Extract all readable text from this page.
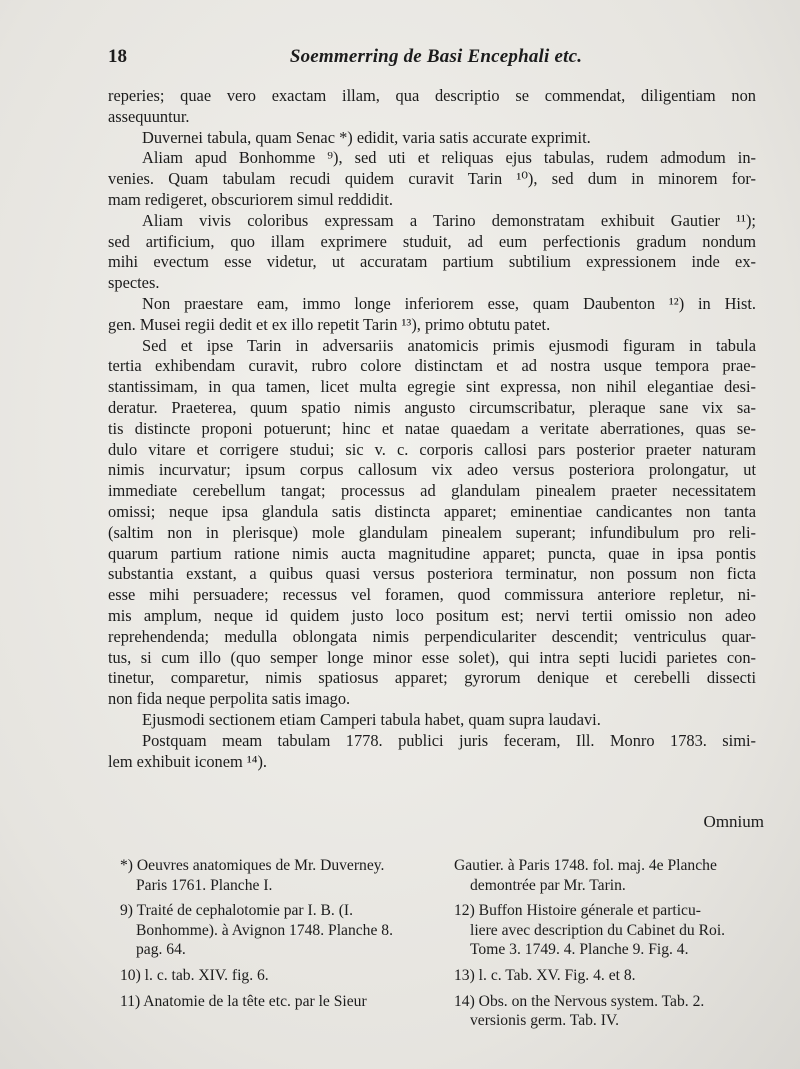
18	Soemmerring de Basi Encephali etc.
reperies; quae vero exactam illam, qua descriptio se commendat, diligentiam non
assequuntur.
Duvernei tabula, quam Senac *) edidit, varia satis accurate exprimit.
Aliam apud Bonhomme ⁹), sed uti et reliquas ejus tabulas, rudem admodum in-
venies. Quam tabulam recudi quidem curavit Tarin ¹⁰), sed dum in minorem for-
mam redigeret, obscuriorem simul reddidit.
Aliam vivis coloribus expressam a Tarino demonstratam exhibuit Gautier ¹¹);
sed artificium, quo illam exprimere studuit, ad eum perfectionis gradum nondum
mihi evectum esse videtur, ut accuratam partium subtilium expressionem inde ex-
spectes.
Non praestare eam, immo longe inferiorem esse, quam Daubenton ¹²) in Hist.
gen. Musei regii dedit et ex illo repetit Tarin ¹³), primo obtutu patet.
Sed et ipse Tarin in adversariis anatomicis primis ejusmodi figuram in tabula
tertia exhibendam curavit, rubro colore distinctam et ad nostra usque tempora prae-
stantissimam, in qua tamen, licet multa egregie sint expressa, non nihil elegantiae desi-
deratur. Praeterea, quum spatio nimis angusto circumscribatur, pleraque sane vix sa-
tis distincte proponi potuerunt; hinc et natae quaedam a veritate aberrationes, quas se-
dulo vitare et corrigere studui; sic v. c. corporis callosi pars posterior praeter naturam
nimis incurvatur; ipsum corpus callosum vix adeo versus posteriora prolongatur, ut
immediate cerebellum tangat; processus ad glandulam pinealem praeter necessitatem
omissi; neque ipsa glandula satis distincta apparet; eminentiae candicantes non tanta
(saltim non in plerisque) mole glandulam pinealem superant; infundibulum pro reli-
quarum partium ratione nimis aucta magnitudine apparet; puncta, quae in ipsa pontis
substantia exstant, a quibus quasi versus posteriora terminatur, non possum non ficta
esse mihi persuadere; recessus vel foramen, quod commissura anteriore repletur, ni-
mis amplum, neque id quidem justo loco positum est; nervi tertii omissio non adeo
reprehendenda; medulla oblongata nimis perpendiculariter descendit; ventriculus quar-
tus, si cum illo (quo semper longe minor esse solet), qui intra septi lucidi parietes con-
tinetur, comparetur, nimis spatiosus apparet; gyrorum denique et cerebelli dissecti
non fida neque perpolita satis imago.
Ejusmodi sectionem etiam Camperi tabula habet, quam supra laudavi.
Postquam meam tabulam 1778. publici juris feceram, Ill. Monro 1783. simi-
lem exhibuit iconem ¹⁴).
Omnium
*) Oeuvres anatomiques de Mr. Duverney.
Paris 1761. Planche I.
9) Traité de cephalotomie par I. B. (I.
Bonhomme). à Avignon 1748. Planche 8.
pag. 64.
10) l. c. tab. XIV. fig. 6.
11) Anatomie de la tête etc. par le Sieur
Gautier. à Paris 1748. fol. maj. 4e Planche
demontrée par Mr. Tarin.
12) Buffon Histoire génerale et particu-
liere avec description du Cabinet du Roi.
Tome 3. 1749. 4. Planche 9. Fig. 4.
13) l. c. Tab. XV. Fig. 4. et 8.
14) Obs. on the Nervous system. Tab. 2.
versionis germ. Tab. IV.
